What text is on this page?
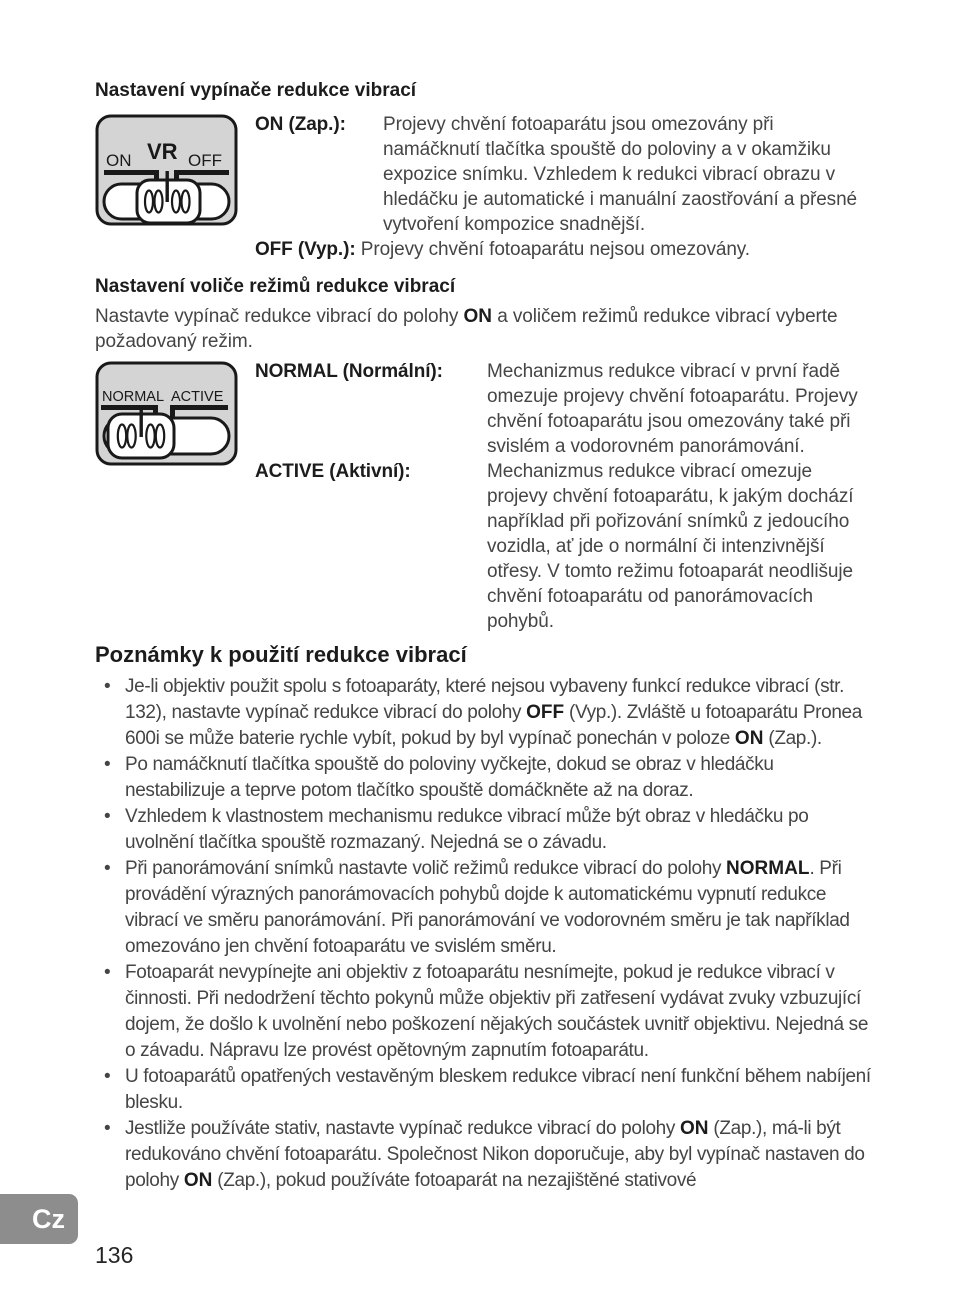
Nastavení vypínače redukce vibrací
ON VR OFF
ON (Zap.):	Projevy chvění fotoaparátu jsou omezovány při namáčknutí tlačítka spouště do poloviny a v okamžiku expozice snímku. Vzhledem k redukci vibrací obrazu v hledáčku je automatické i manuální zaostřování a přesné vytvoření kompozice snadnější.
OFF (Vyp.): Projevy chvění fotoaparátu nejsou omezovány.
Nastavení voliče režimů redukce vibrací

Nastavte vypínač redukce vibrací do polohy ON a voličem režimů redukce vibrací vyberte požadovaný režim.

NORMAL ACTIVE
NORMAL (Normální):	Mechanizmus redukce vibrací v první řadě omezuje projevy chvění fotoaparátu. Projevy chvění fotoaparátu jsou omezovány také při svislém a vodorovném panorámování.
ACTIVE (Aktivní):	Mechanizmus redukce vibrací omezuje projevy chvění fotoaparátu, k jakým dochází například při pořizování snímků z jedoucího vozidla, ať jde o normální či intenzivnější otřesy. V tomto režimu fotoaparát neodlišuje chvění fotoaparátu od panorámovacích pohybů.
Poznámky k použití redukce vibrací
• Je-li objektiv použit spolu s fotoaparáty, které nejsou vybaveny funkcí redukce vibrací (str. 132), nastavte vypínač redukce vibrací do polohy OFF (Vyp.). Zvláště u fotoaparátu Pronea 600i se může baterie rychle vybít, pokud by byl vypínač ponechán v poloze ON (Zap.).
• Po namáčknutí tlačítka spouště do poloviny vyčkejte, dokud se obraz v hledáčku nestabilizuje a teprve potom tlačítko spouště domáčkněte až na doraz.
• Vzhledem k vlastnostem mechanismu redukce vibrací může být obraz v hledáčku po uvolnění tlačítka spouště rozmazaný. Nejedná se o závadu.
• Při panorámování snímků nastavte volič režimů redukce vibrací do polohy NORMAL. Při provádění výrazných panorámovacích pohybů dojde k automatickému vypnutí redukce vibrací ve směru panorámování. Při panorámování ve vodorovném směru je tak například omezováno jen chvění fotoaparátu ve svislém směru.
• Fotoaparát nevypínejte ani objektiv z fotoaparátu nesnímejte, pokud je redukce vibrací v činnosti. Při nedodržení těchto pokynů může objektiv při zatřesení vydávat zvuky vzbuzující dojem, že došlo k uvolnění nebo poškození nějakých součástek uvnitř objektivu. Nejedná se o závadu. Nápravu lze provést opětovným zapnutím fotoaparátu.
• U fotoaparátů opatřených vestavěným bleskem redukce vibrací není funkční během nabíjení blesku.
• Jestliže používáte stativ, nastavte vypínač redukce vibrací do polohy ON (Zap.), má-li být redukováno chvění fotoaparátu. Společnost Nikon doporučuje, aby byl vypínač nastaven do polohy ON (Zap.), pokud používáte fotoaparát na nezajištěné stativové
Cz
136
